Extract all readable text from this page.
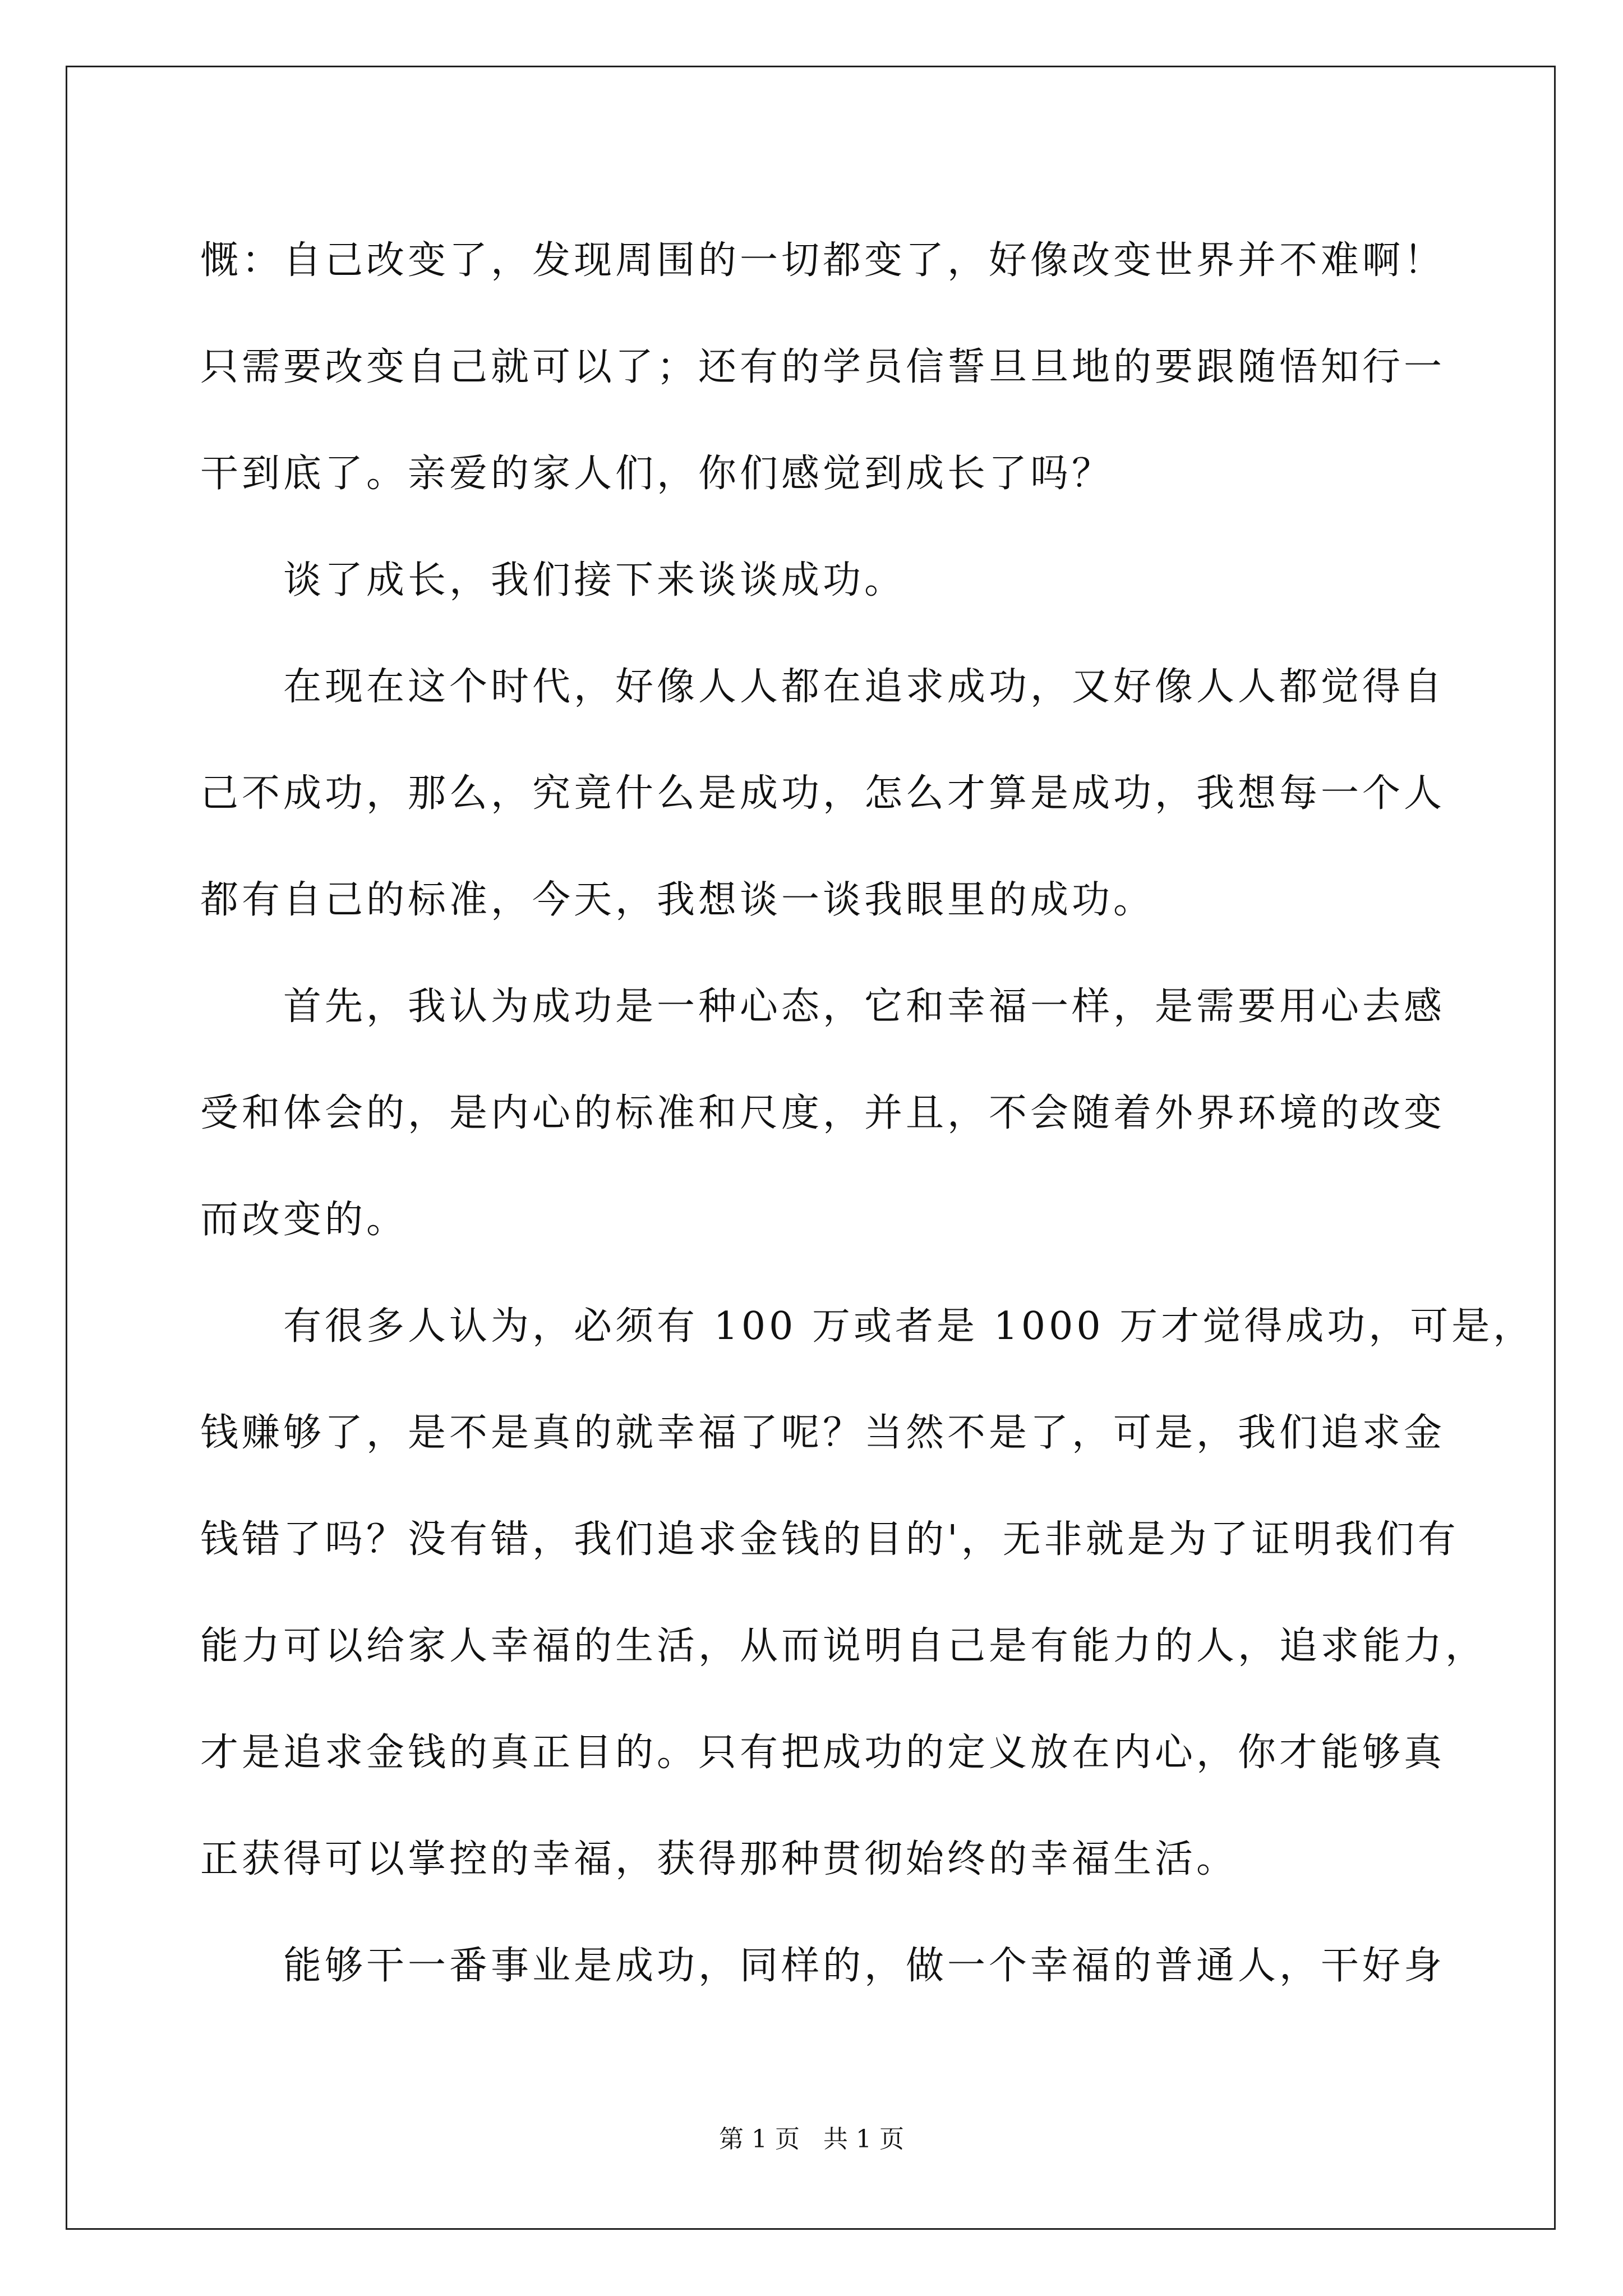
慨：自己改变了，发现周围的一切都变了，好像改变世界并不难啊！
只需要改变自己就可以了；还有的学员信誓旦旦地的要跟随悟知行一
干到底了。亲爱的家人们，你们感觉到成长了吗？
　　谈了成长，我们接下来谈谈成功。
　　在现在这个时代，好像人人都在追求成功，又好像人人都觉得自
己不成功，那么，究竟什么是成功，怎么才算是成功，我想每一个人
都有自己的标准，今天，我想谈一谈我眼里的成功。
　　首先，我认为成功是一种心态，它和幸福一样，是需要用心去感
受和体会的，是内心的标准和尺度，并且，不会随着外界环境的改变
而改变的。
　　有很多人认为，必须有 100 万或者是 1000 万才觉得成功，可是，
钱赚够了，是不是真的就幸福了呢？当然不是了，可是，我们追求金
钱错了吗？没有错，我们追求金钱的目的'，无非就是为了证明我们有
能力可以给家人幸福的生活，从而说明自己是有能力的人，追求能力，
才是追求金钱的真正目的。只有把成功的定义放在内心，你才能够真
正获得可以掌控的幸福，获得那种贯彻始终的幸福生活。
　　能够干一番事业是成功，同样的，做一个幸福的普通人，干好身
第 1 页   共 1 页
